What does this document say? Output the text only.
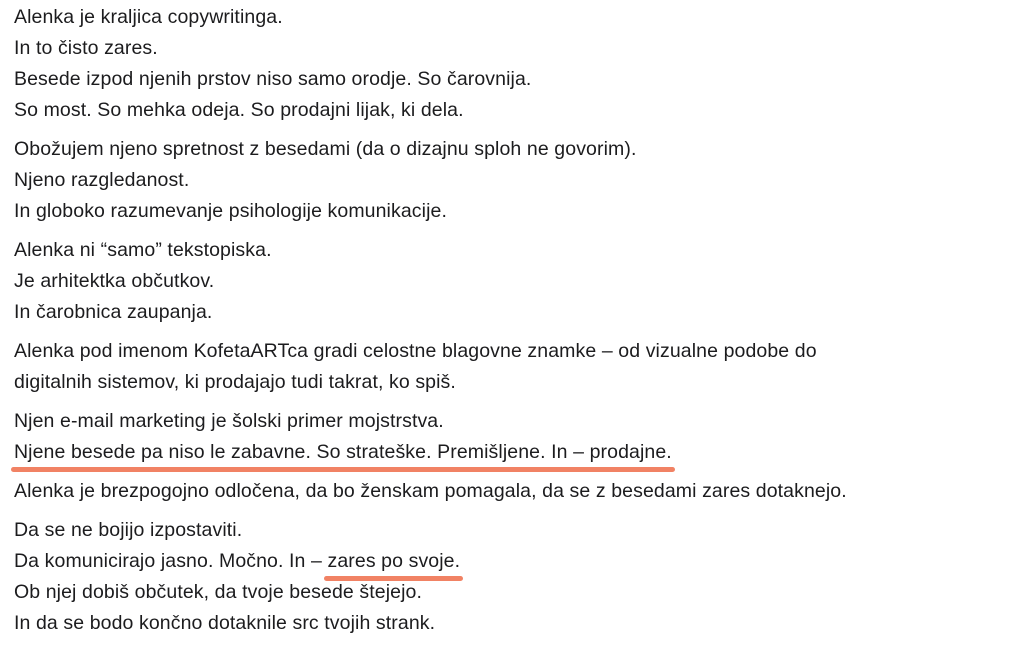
Alenka je kraljica copywritinga.
In to čisto zares.
Besede izpod njenih prstov niso samo orodje. So čarovnija.
So most. So mehka odeja. So prodajni lijak, ki dela.
Obožujem njeno spretnost z besedami (da o dizajnu sploh ne govorim).
Njeno razgledanost.
In globoko razumevanje psihologije komunikacije.
Alenka ni “samo” tekstopiska.
Je arhitektka občutkov.
In čarobnica zaupanja.
Alenka pod imenom KofetaARTca gradi celostne blagovne znamke – od vizualne podobe do
digitalnih sistemov, ki prodajajo tudi takrat, ko spiš.
Njen e-mail marketing je šolski primer mojstrstva.
Njene besede pa niso le zabavne. So strateške. Premišljene. In – prodajne.
Alenka je brezpogojno odločena, da bo ženskam pomagala, da se z besedami zares dotaknejo.
Da se ne bojijo izpostaviti.
Da komunicirajo jasno. Močno. In – zares po svoje.
Ob njej dobiš občutek, da tvoje besede štejejo.
In da se bodo končno dotaknile src tvojih strank.
